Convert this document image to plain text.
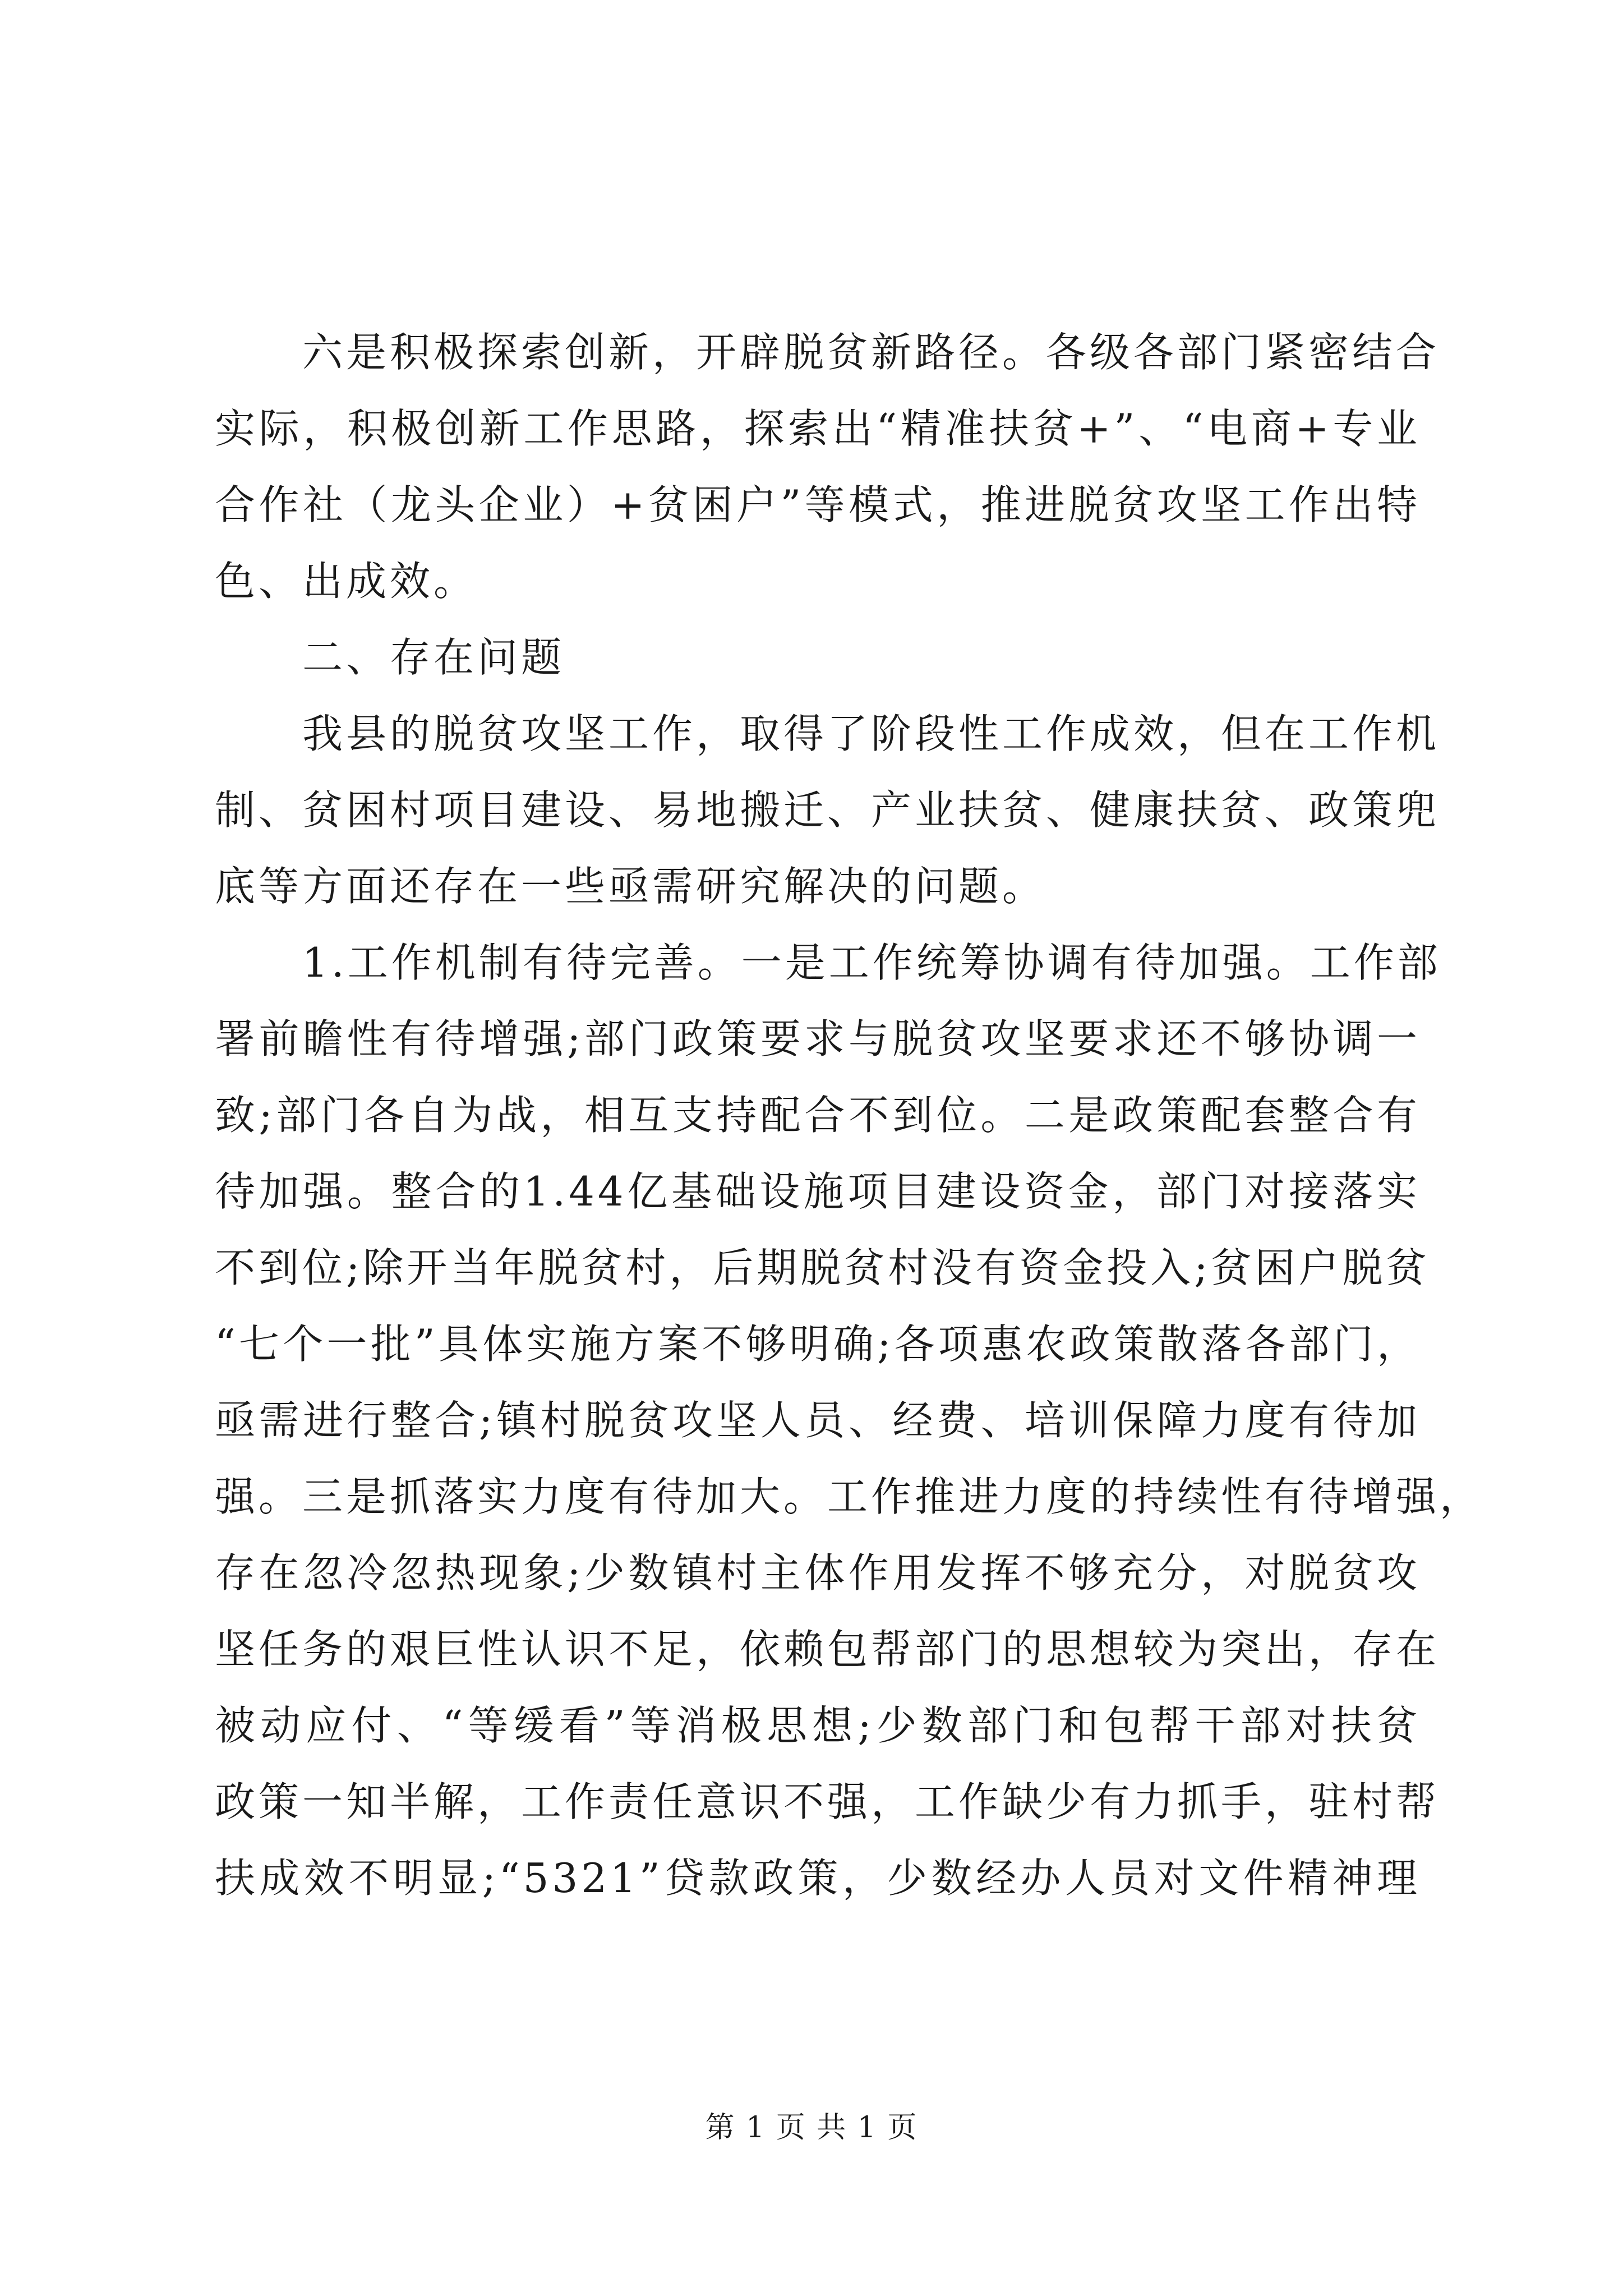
六是积极探索创新，开辟脱贫新路径。各级各部门紧密结合
实际，积极创新工作思路，探索出“精准扶贫+”、“电商+专业
合作社（龙头企业）+贫困户”等模式，推进脱贫攻坚工作出特
色、出成效。
二、存在问题
我县的脱贫攻坚工作，取得了阶段性工作成效，但在工作机
制、贫困村项目建设、易地搬迁、产业扶贫、健康扶贫、政策兜
底等方面还存在一些亟需研究解决的问题。
1.工作机制有待完善。一是工作统筹协调有待加强。工作部
署前瞻性有待增强;部门政策要求与脱贫攻坚要求还不够协调一
致;部门各自为战，相互支持配合不到位。二是政策配套整合有
待加强。整合的1.44亿基础设施项目建设资金，部门对接落实
不到位;除开当年脱贫村，后期脱贫村没有资金投入;贫困户脱贫
“七个一批”具体实施方案不够明确;各项惠农政策散落各部门，
亟需进行整合;镇村脱贫攻坚人员、经费、培训保障力度有待加
强。三是抓落实力度有待加大。工作推进力度的持续性有待增强，
存在忽冷忽热现象;少数镇村主体作用发挥不够充分，对脱贫攻
坚任务的艰巨性认识不足，依赖包帮部门的思想较为突出，存在
被动应付、“等缓看”等消极思想;少数部门和包帮干部对扶贫
政策一知半解，工作责任意识不强，工作缺少有力抓手，驻村帮
扶成效不明显;“5321”贷款政策，少数经办人员对文件精神理
第 1 页 共 1 页
